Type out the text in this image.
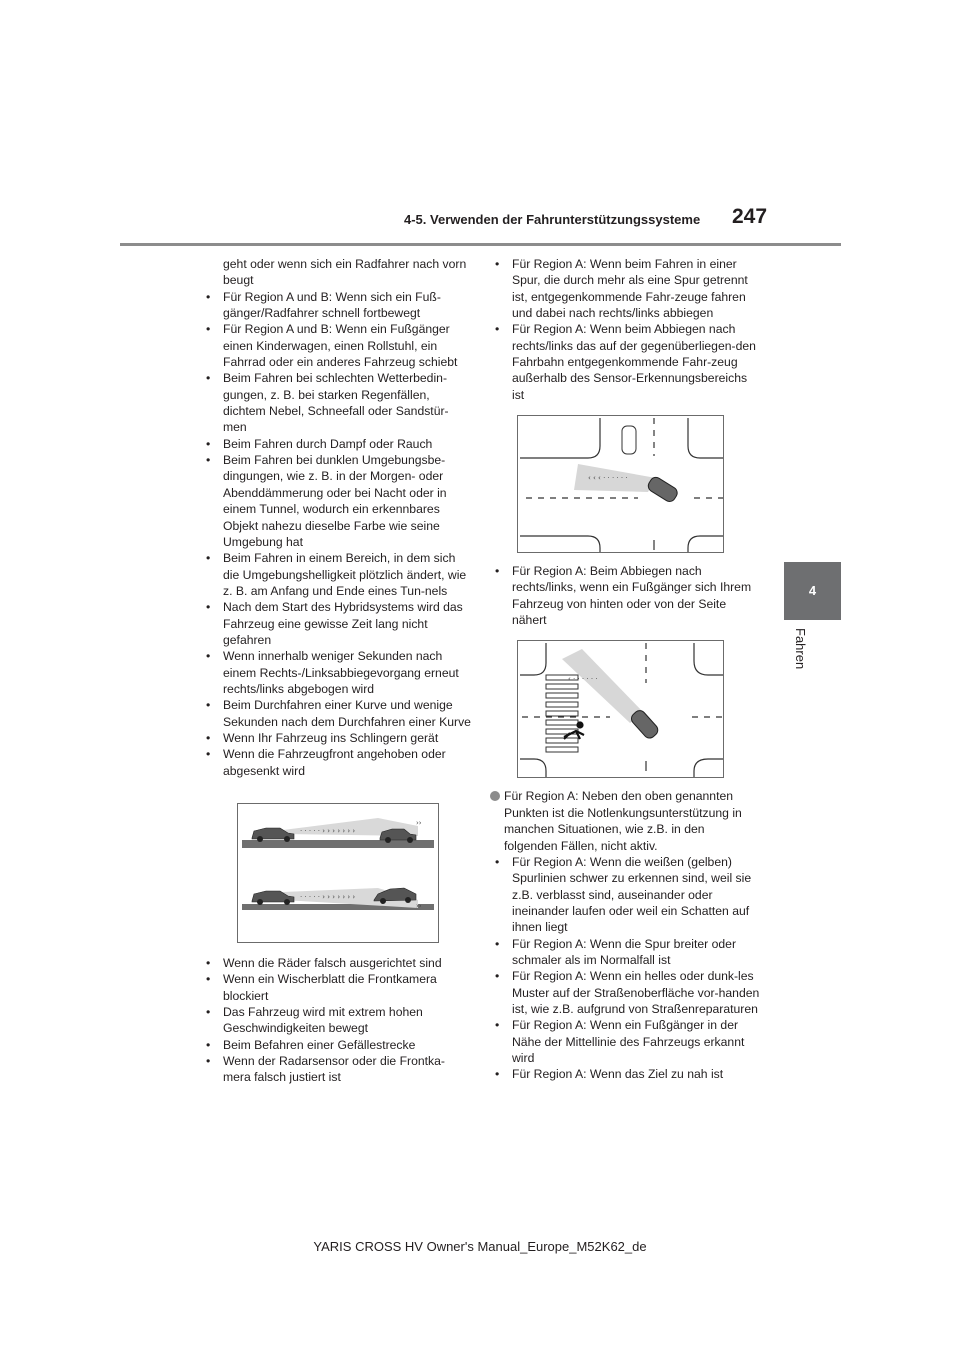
4-5. Verwenden der Fahrunterstützungssysteme 247
4
Fahren
geht oder wenn sich ein Radfahrer nach vorn beugt
• Für Region A und B: Wenn sich ein Fuß-gänger/Radfahrer schnell fortbewegt
• Für Region A und B: Wenn ein Fußgänger einen Kinderwagen, einen Rollstuhl, ein Fahrrad oder ein anderes Fahrzeug schiebt
• Beim Fahren bei schlechten Wetterbedin-gungen, z. B. bei starken Regenfällen, dichtem Nebel, Schneefall oder Sandstür-men
• Beim Fahren durch Dampf oder Rauch
• Beim Fahren bei dunklen Umgebungsbe-dingungen, wie z. B. in der Morgen- oder Abenddämmerung oder bei Nacht oder in einem Tunnel, wodurch ein erkennbares Objekt nahezu dieselbe Farbe wie seine Umgebung hat
• Beim Fahren in einem Bereich, in dem sich die Umgebungshelligkeit plötzlich ändert, wie z. B. am Anfang und Ende eines Tun-nels
• Nach dem Start des Hybridsystems wird das Fahrzeug eine gewisse Zeit lang nicht gefahren
• Wenn innerhalb weniger Sekunden nach einem Rechts-/Linksabbiegevorgang erneut rechts/links abgebogen wird
• Beim Durchfahren einer Kurve und wenige Sekunden nach dem Durchfahren einer Kurve
• Wenn Ihr Fahrzeug ins Schlingern gerät
• Wenn die Fahrzeugfront angehoben oder abgesenkt wird
· · · · · › › › › › › ›
››
· · · · · › › › › › › ›
››
• Wenn die Räder falsch ausgerichtet sind
• Wenn ein Wischerblatt die Frontkamera blockiert
• Das Fahrzeug wird mit extrem hohen Geschwindigkeiten bewegt
• Beim Befahren einer Gefällestrecke
• Wenn der Radarsensor oder die Frontka-mera falsch justiert ist
• Für Region A: Wenn beim Fahren in einer Spur, die durch mehr als eine Spur getrennt ist, entgegenkommende Fahr-zeuge fahren und dabei nach rechts/links abbiegen
• Für Region A: Wenn beim Abbiegen nach rechts/links das auf der gegenüberliegen-den Fahrbahn entgegenkommende Fahr-zeug außerhalb des Sensor-Erkennungsbereichs ist
‹ ‹ ‹ · · · · · ·
• Für Region A: Beim Abbiegen nach rechts/links, wenn ein Fußgänger sich Ihrem Fahrzeug von hinten oder von der Seite nähert
‹ · · · · · ·
Für Region A: Neben den oben genannten Punkten ist die Notlenkungsunterstützung in manchen Situationen, wie z.B. in den folgenden Fällen, nicht aktiv.
• Für Region A: Wenn die weißen (gelben) Spurlinien schwer zu erkennen sind, weil sie z.B. verblasst sind, auseinander oder ineinander laufen oder weil ein Schatten auf ihnen liegt
• Für Region A: Wenn die Spur breiter oder schmaler als im Normalfall ist
• Für Region A: Wenn ein helles oder dunk-les Muster auf der Straßenoberfläche vor-handen ist, wie z.B. aufgrund von Straßenreparaturen
• Für Region A: Wenn ein Fußgänger in der Nähe der Mittellinie des Fahrzeugs erkannt wird
• Für Region A: Wenn das Ziel zu nah ist
YARIS CROSS HV Owner's Manual_Europe_M52K62_de
